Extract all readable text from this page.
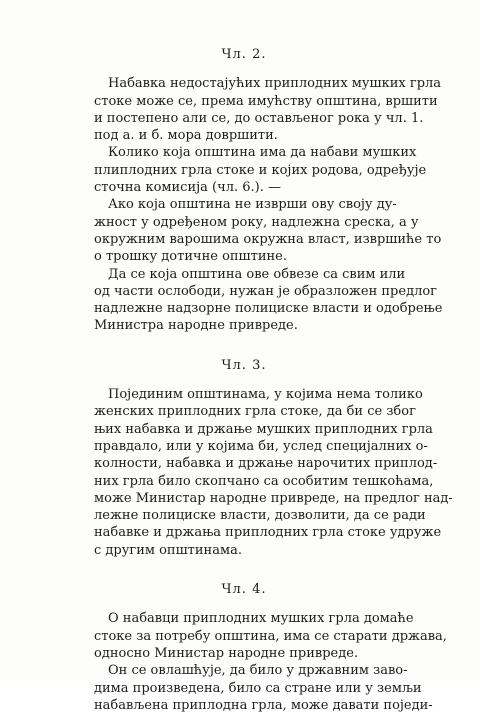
Чл. 2.
Набавка недостајућих приплодних мушких грла
стоке може се, према имућству општина, вршити
и постепено али се, до остављеног рока у чл. 1.
под а. и б. мора довршити.
Колико која општина има да набави мушких
плиплодних грла стоке и којих родова, одређује
сточна комисија (чл. 6.). —
Ако која општина не изврши ову своју ду-
жност у одређеном року, надлежна среска, а у
окружним варошима окружна власт, извршиће то
о трошку дотичне општине.
Да се која општина ове обвезе са свим или
од части ослободи, нужан је образложен предлог
надлежне надзорне полициске власти и одобрење
Министра народне привреде.
Чл. 3.
Појединим општинама, у којима нема толико
женских приплодних грла стоке, да би се због
њих набавка и држање мушких приплодних грла
правдало, или у којима би, услед специјалних о-
колности, набавка и држање нарочитих приплод-
них грла било скопчано са особитим тешкоћама,
може Министар народне привреде, на предлог над-
лежне полициске власти, дозволити, да се ради
набавке и држања приплодних грла стоке удруже
с другим општинама.
Чл. 4.
О набавци приплодних мушких грла домаће
стоке за потребу општина, има се старати држава,
односно Министар народне привреде.
Он се овлашћује, да било у државним заво-
дима произведена, било са стране или у земљи
набављена приплодна грла, може давати поједи-
